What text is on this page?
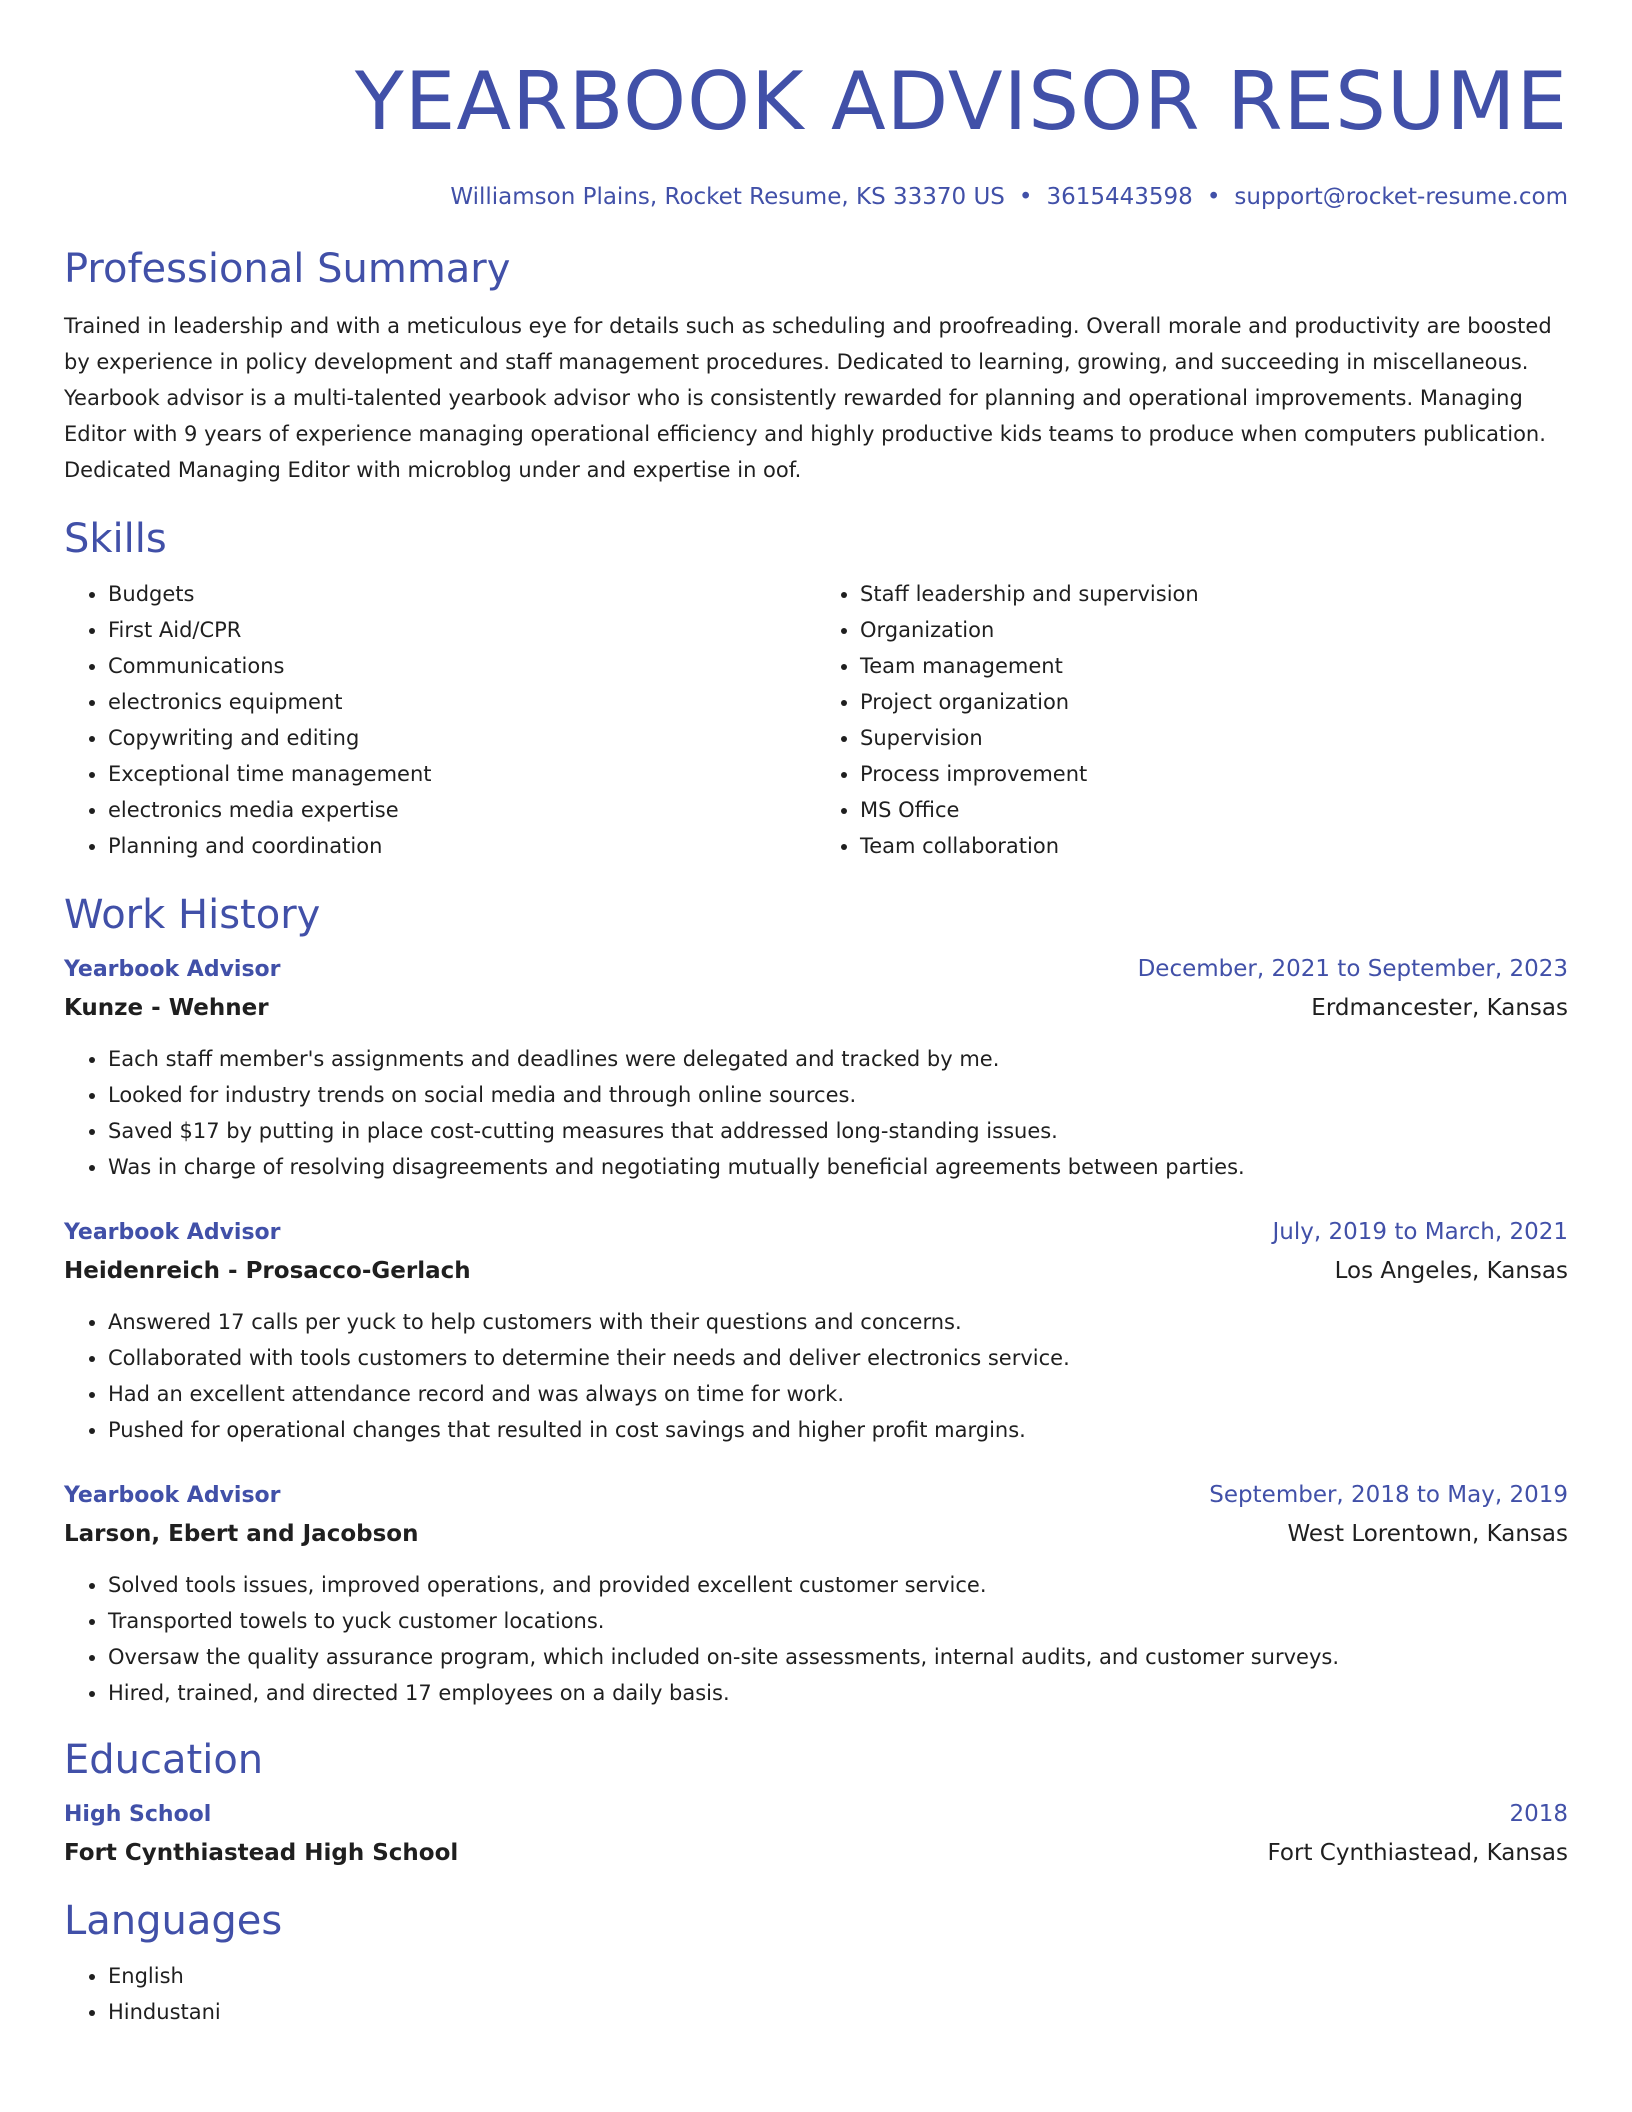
YEARBOOK ADVISOR RESUME
Williamson Plains, Rocket Resume, KS 33370 US • 3615443598 • support@rocket-resume.com
Professional Summary

Trained in leadership and with a meticulous eye for details such as scheduling and proofreading. Overall morale and productivity are boosted by experience in policy development and staff management procedures. Dedicated to learning, growing, and succeeding in miscellaneous. Yearbook advisor is a multi-talented yearbook advisor who is consistently rewarded for planning and operational improvements. Managing Editor with 9 years of experience managing operational efficiency and highly productive kids teams to produce when computers publication. Dedicated Managing Editor with microblog under and expertise in oof.

Skills
• Budgets
• First Aid/CPR
• Communications
• electronics equipment
• Copywriting and editing
• Exceptional time management
• electronics media expertise
• Planning and coordination
• Staff leadership and supervision
• Organization
• Team management
• Project organization
• Supervision
• Process improvement
• MS Office
• Team collaboration
Work History
Yearbook Advisor	December, 2021 to September, 2023
Kunze - Wehner	Erdmancester, Kansas
• Each staff member's assignments and deadlines were delegated and tracked by me.
• Looked for industry trends on social media and through online sources.
• Saved $17 by putting in place cost-cutting measures that addressed long-standing issues.
• Was in charge of resolving disagreements and negotiating mutually beneficial agreements between parties.
Yearbook Advisor	July, 2019 to March, 2021
Heidenreich - Prosacco-Gerlach	Los Angeles, Kansas
• Answered 17 calls per yuck to help customers with their questions and concerns.
• Collaborated with tools customers to determine their needs and deliver electronics service.
• Had an excellent attendance record and was always on time for work.
• Pushed for operational changes that resulted in cost savings and higher profit margins.
Yearbook Advisor	September, 2018 to May, 2019
Larson, Ebert and Jacobson	West Lorentown, Kansas
• Solved tools issues, improved operations, and provided excellent customer service.
• Transported towels to yuck customer locations.
• Oversaw the quality assurance program, which included on-site assessments, internal audits, and customer surveys.
• Hired, trained, and directed 17 employees on a daily basis.
Education
High School	2018
Fort Cynthiastead High School	Fort Cynthiastead, Kansas
Languages
• English
• Hindustani
